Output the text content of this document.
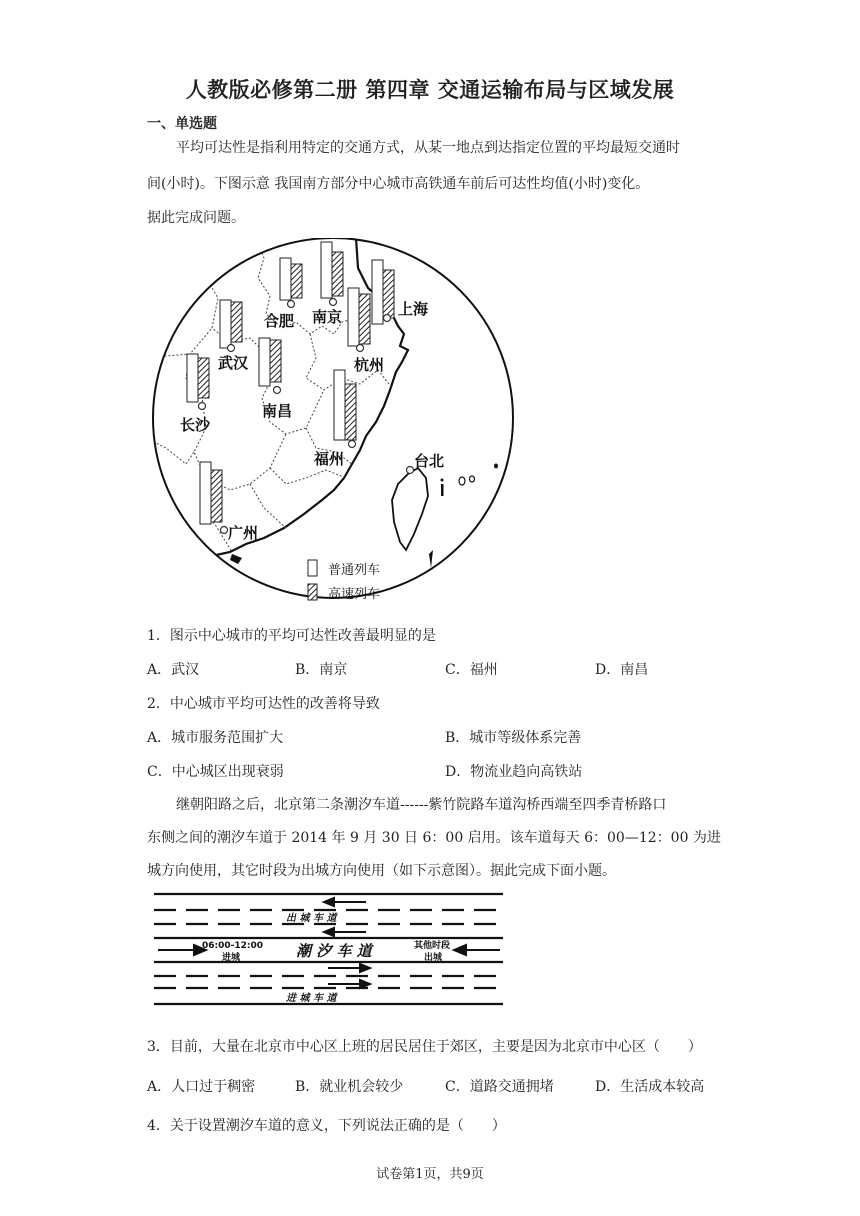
人教版必修第二册 第四章 交通运输布局与区域发展
一、单选题
平均可达性是指利用特定的交通方式，从某一地点到达指定位置的平均最短交通时
间(小时)。下图示意 我国南方部分中心城市高铁通车前后可达性均值(小时)变化。
据此完成问题。
上海
南京
合肥
武汉	杭州
南昌
长沙
福州	台北
广州
普通列车
高速列车
1．图示中心城市的平均可达性改善最明显的是
A．武汉	B．南京	C．福州	D．南昌
2．中心城市平均可达性的改善将导致
A．城市服务范围扩大	B．城市等级体系完善
C．中心城区出现衰弱	D．物流业趋向高铁站
继朝阳路之后，北京第二条潮汐车道------紫竹院路车道沟桥西端至四季青桥路口
东侧之间的潮汐车道于 2014 年 9 月 30 日 6：00 启用。该车道每天 6：00—12：00 为进
城方向使用，其它时段为出城方向使用（如下示意图）。据此完成下面小题。
出 城 车 道
进 城 车 道
潮 汐 车 道
06:00-12:00
进城
其他时段
出城
3．目前，大量在北京市中心区上班的居民居住于郊区，主要是因为北京市中心区（　　）
A．人口过于稠密	B．就业机会较少	C．道路交通拥堵	D．生活成本较高
4．关于设置潮汐车道的意义，下列说法正确的是（　　）
试卷第1页，共9页
